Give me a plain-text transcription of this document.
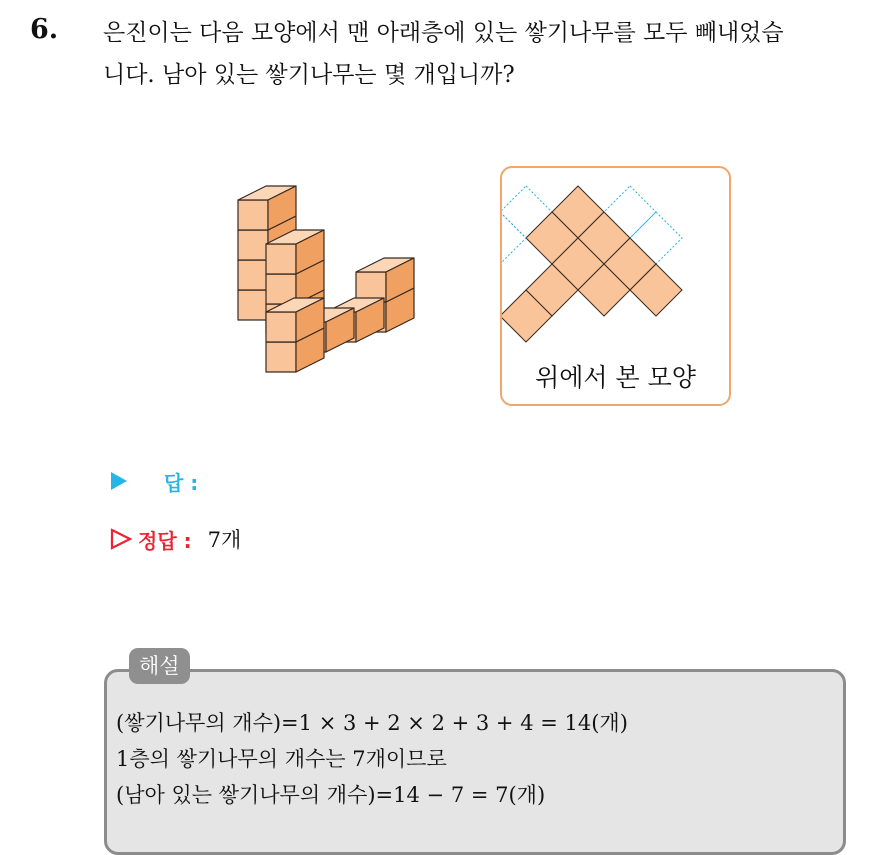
6. 은진이는 다음 모양에서 맨 아래층에 있는 쌓기나무를 모두 빼내었습
니다. 남아 있는 쌓기나무는 몇 개입니까?
위에서 본 모양
답 :
정답 : 7개
해설
(쌓기나무의 개수)=1 × 3 + 2 × 2 + 3 + 4 = 14(개)
1층의 쌓기나무의 개수는 7개이므로
(남아 있는 쌓기나무의 개수)=14 − 7 = 7(개)
